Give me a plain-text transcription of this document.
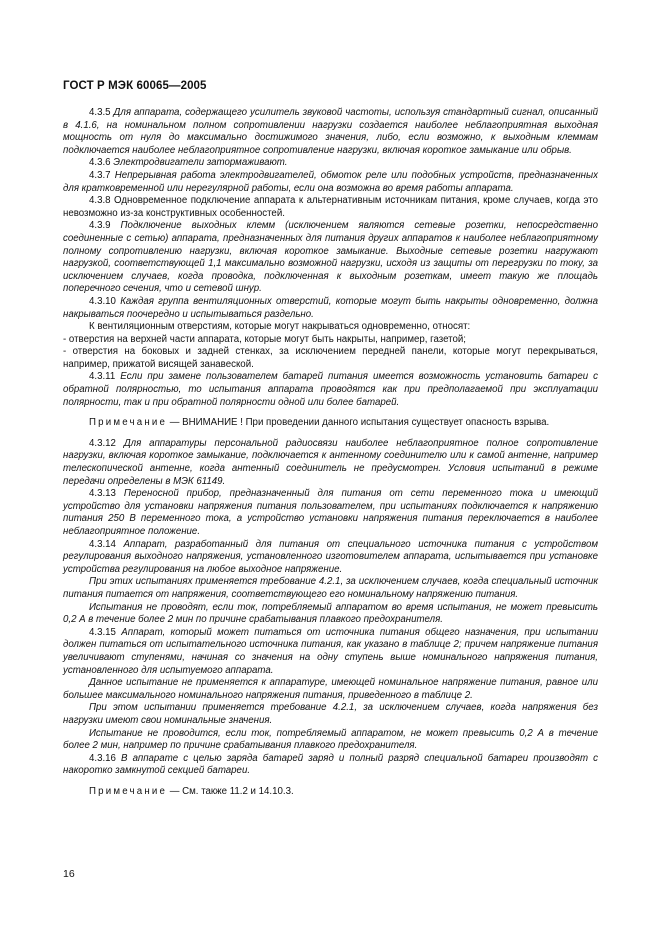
ГОСТ Р МЭК 60065—2005

4.3.5 Для аппарата, содержащего усилитель звуковой частоты, используя стандартный сигнал, описанный в 4.1.6, на номинальном полном сопротивлении нагрузки создается наиболее неблагоприятная выходная мощность от нуля до максимально достижимого значения, либо, если возможно, к выходным клеммам подключается наиболее неблагоприятное сопротивление нагрузки, включая короткое замыкание или обрыв.

4.3.6 Электродвигатели затормаживают.

4.3.7 Непрерывная работа электродвигателей, обмоток реле или подобных устройств, предназначенных для кратковременной или нерегулярной работы, если она возможна во время работы аппарата.

4.3.8 Одновременное подключение аппарата к альтернативным источникам питания, кроме случаев, когда это невозможно из-за конструктивных особенностей.

4.3.9 Подключение выходных клемм (исключением являются сетевые розетки, непосредственно соединенные с сетью) аппарата, предназначенных для питания других аппаратов к наиболее неблагоприятному полному сопротивлению нагрузки, включая короткое замыкание. Выходные сетевые розетки нагружают нагрузкой, соответствующей 1,1 максимально возможной нагрузки, исходя из защиты от перегрузки по току, за исключением случаев, когда проводка, подключенная к выходным розеткам, имеет такую же площадь поперечного сечения, что и сетевой шнур.

4.3.10 Каждая группа вентиляционных отверстий, которые могут быть накрыты одновременно, должна накрываться поочередно и испытываться раздельно.

К вентиляционным отверстиям, которые могут накрываться одновременно, относят:

- отверстия на верхней части аппарата, которые могут быть накрыты, например, газетой;

- отверстия на боковых и задней стенках, за исключением передней панели, которые могут перекрываться, например, прижатой висящей занавеской.

4.3.11 Если при замене пользователем батарей питания имеется возможность установить батареи с обратной полярностью, то испытания аппарата проводятся как при предполагаемой при эксплуатации полярности, так и при обратной полярности одной или более батарей.

Примечание — ВНИМАНИЕ ! При проведении данного испытания существует опасность взрыва.

4.3.12 Для аппаратуры персональной радиосвязи наиболее неблагоприятное полное сопротивление нагрузки, включая короткое замыкание, подключается к антенному соединителю или к самой антенне, например телескопической антенне, когда антенный соединитель не предусмотрен. Условия испытаний в режиме передачи определены в МЭК 61149.

4.3.13 Переносной прибор, предназначенный для питания от сети переменного тока и имеющий устройство для установки напряжения питания пользователем, при испытаниях подключается к напряжению питания 250 В переменного тока, а устройство установки напряжения питания переключается в наиболее неблагоприятное положение.

4.3.14 Аппарат, разработанный для питания от специального источника питания с устройством регулирования выходного напряжения, установленного изготовителем аппарата, испытывается при установке устройства регулирования на любое выходное напряжение.

При этих испытаниях применяется требование 4.2.1, за исключением случаев, когда специальный источник питания питается от напряжения, соответствующего его номинальному напряжению питания.

Испытания не проводят, если ток, потребляемый аппаратом во время испытания, не может превысить 0,2 А в течение более 2 мин по причине срабатывания плавкого предохранителя.

4.3.15 Аппарат, который может питаться от источника питания общего назначения, при испытании должен питаться от испытательного источника питания, как указано в таблице 2; причем напряжение питания увеличивают ступенями, начиная со значения на одну ступень выше номинального напряжения питания, установленного для испытуемого аппарата.

Данное испытание не применяется к аппаратуре, имеющей номинальное напряжение питания, равное или большее максимального номинального напряжения питания, приведенного в таблице 2.

При этом испытании применяется требование 4.2.1, за исключением случаев, когда напряжения без нагрузки имеют свои номинальные значения.

Испытание не проводится, если ток, потребляемый аппаратом, не может превысить 0,2 А в течение более 2 мин, например по причине срабатывания плавкого предохранителя.

4.3.16 В аппарате с целью заряда батарей заряд и полный разряд специальной батареи производят с накоротко замкнутой секцией батареи.

Примечание — См. также 11.2 и 14.10.3.

16
